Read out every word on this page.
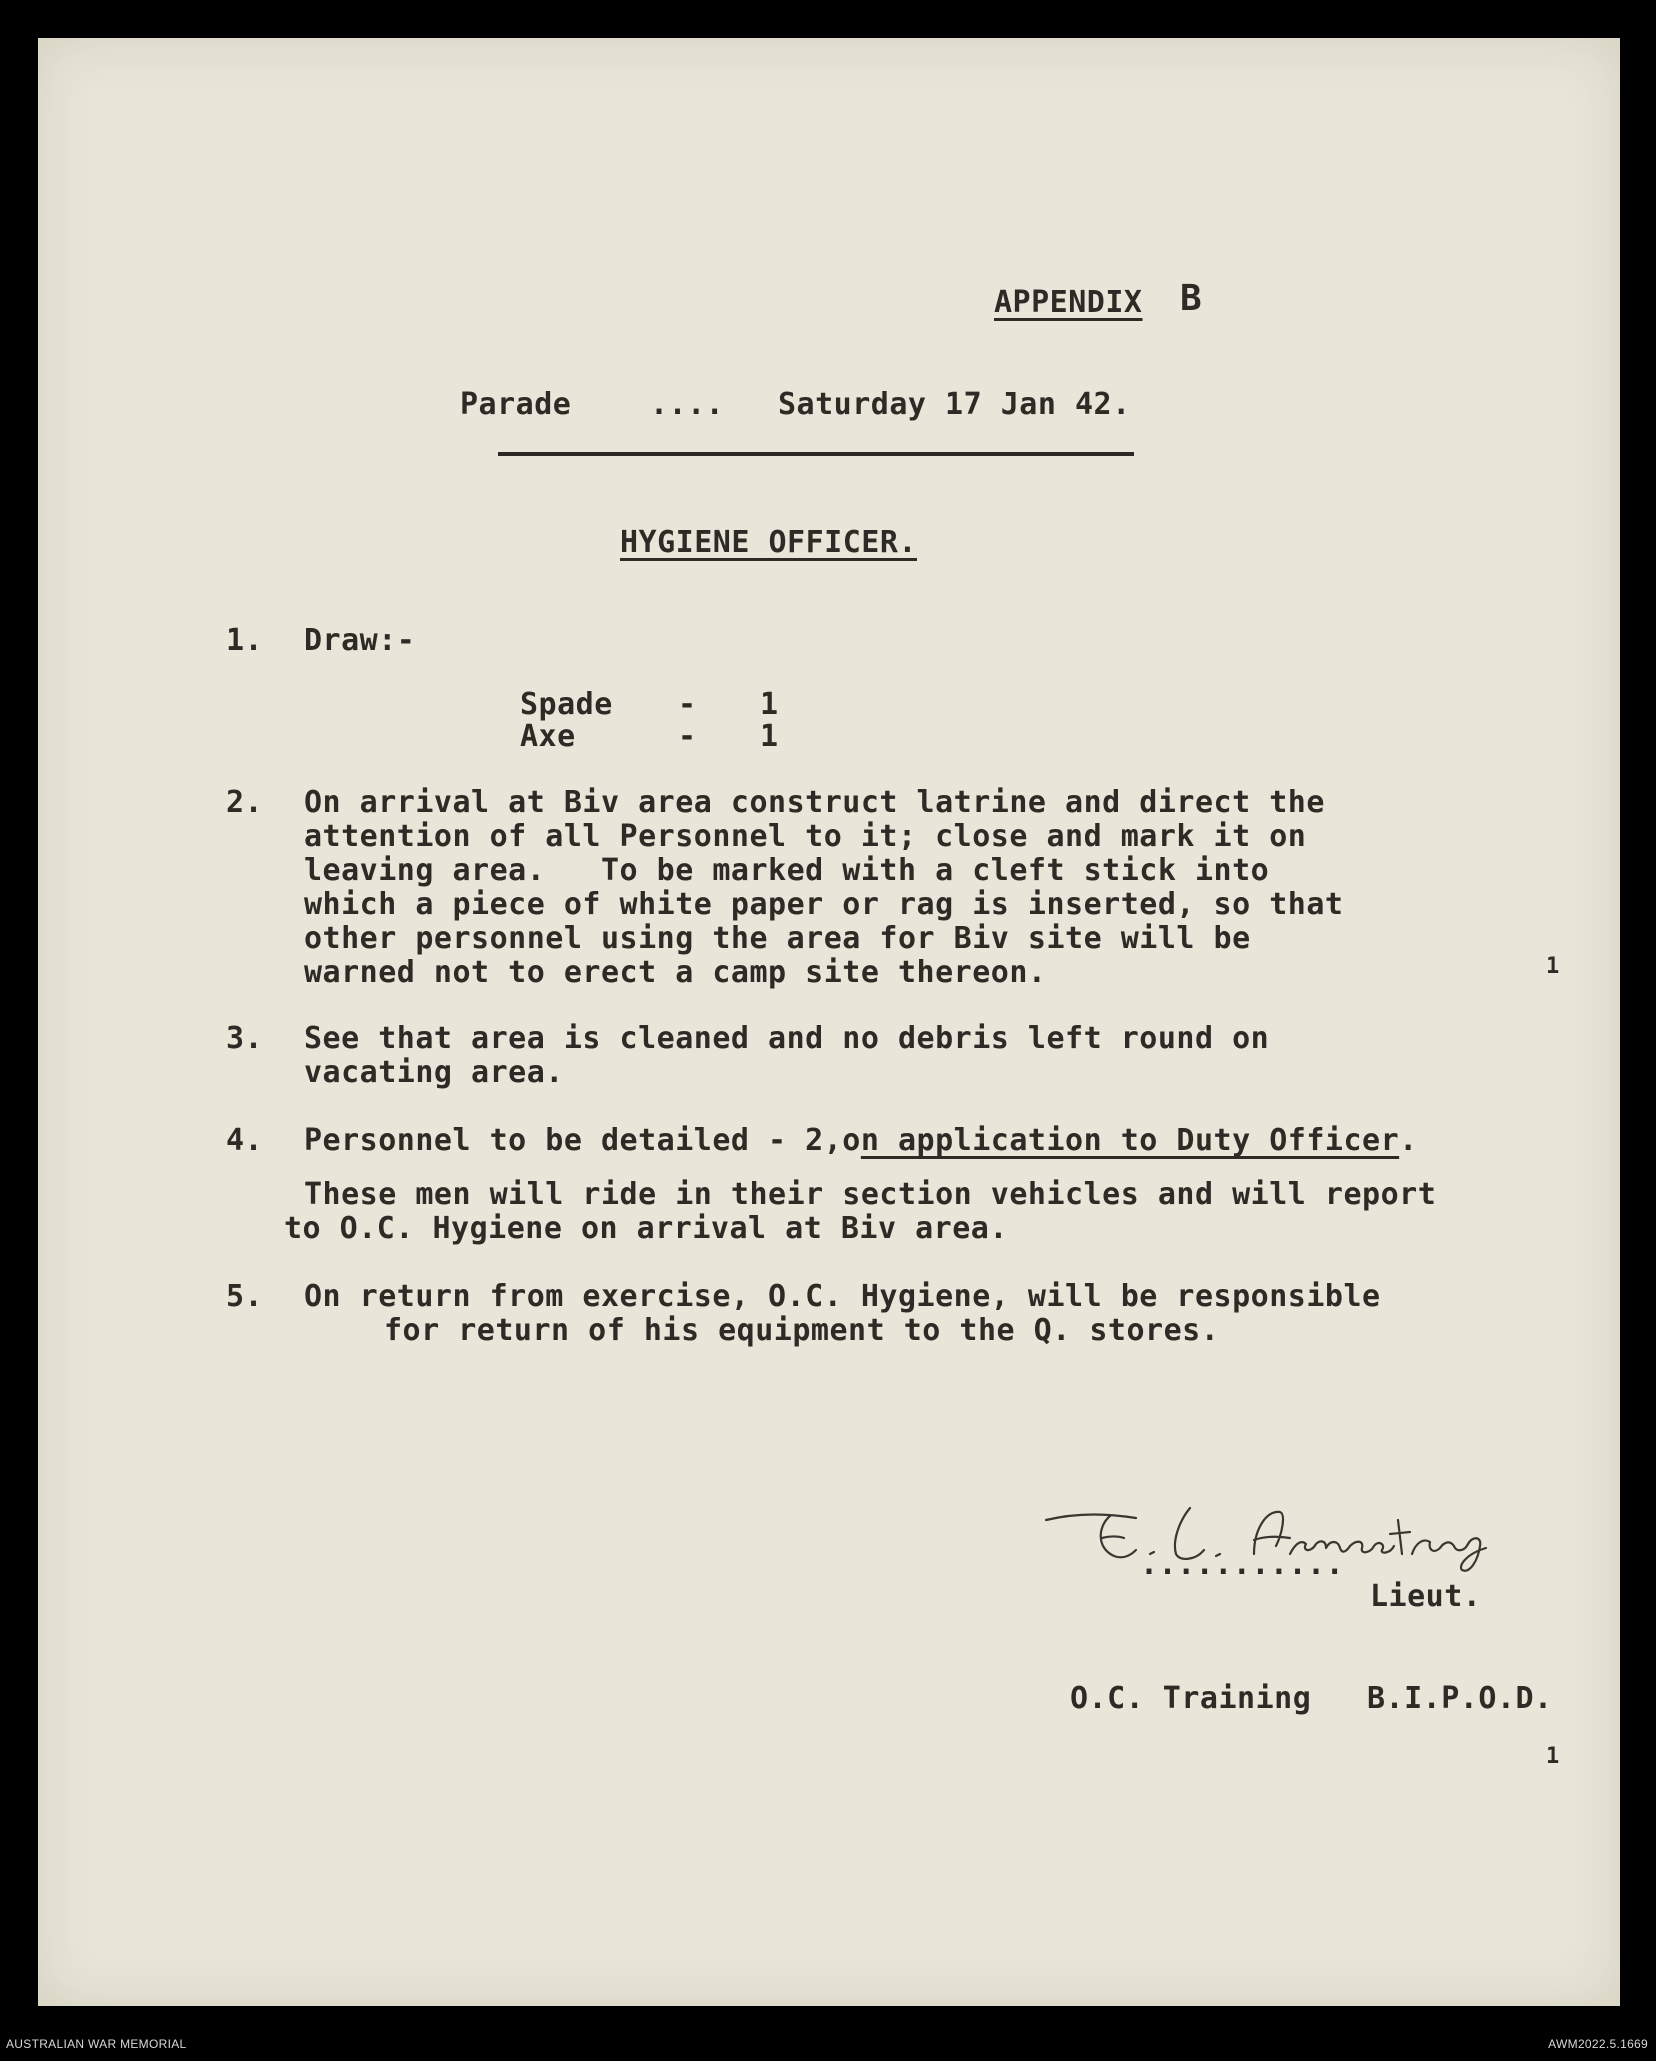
APPENDIX B
Parade	.... Saturday 17 Jan 42.
HYGIENE OFFICER.
1. Draw:-
Spade - 1
Axe	- 1
2. On arrival at Biv area construct latrine and direct the
attention of all Personnel to it; close and mark it on
leaving area.   To be marked with a cleft stick into
which a piece of white paper or rag is inserted, so that
other personnel using the area for Biv site will be
warned not to erect a camp site thereon.
3. See that area is cleaned and no debris left round on
vacating area.
4. Personnel to be detailed - 2,on application to Duty Officer.
These men will ride in their section vehicles and will report
to O.C. Hygiene on arrival at Biv area.
5. On return from exercise, O.C. Hygiene, will be responsible
for return of his equipment to the Q. stores.
1
...........
Lieut.
O.C. Training   B.I.P.O.D.
1
AUSTRALIAN WAR MEMORIAL	AWM2022.5.1669
